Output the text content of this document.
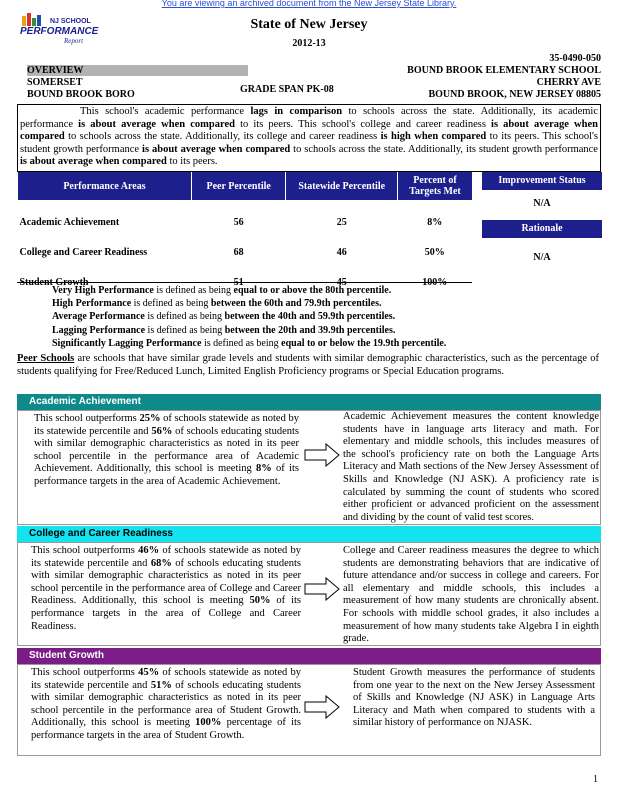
You are viewing an archived document from the New Jersey State Library.
NJ SCHOOL
PERFORMANCE
Report
State of New Jersey
2012-13
OVERVIEW
SOMERSET
BOUND BROOK BORO	GRADE SPAN PK-08
35-0490-050
BOUND BROOK ELEMENTARY SCHOOL
CHERRY AVE
BOUND BROOK, NEW JERSEY 08805
This school's academic performance lags in comparison to schools across the state. Additionally, its academic performance is about average when compared to its peers. This school's college and career readiness is about average when compared to schools across the state. Additionally, its college and career readiness is high when compared to its peers. This school's student growth performance is about average when compared to schools across the state. Additionally, its student growth performance is about average when compared to its peers.
Performance Areas	Peer Percentile	Statewide Percentile	Percent of Targets Met
Academic Achievement	56	25	8%
College and Career Readiness	68	46	50%
Student Growth	51	45	100%
Improvement Status
N/A
Rationale
N/A
Very High Performance is defined as being equal to or above the 80th percentile.
High Performance is defined as being between the 60th and 79.9th percentiles.
Average Performance is defined as being between the 40th and 59.9th percentiles.
Lagging Performance is defined as being between the 20th and 39.9th percentiles.
Significantly Lagging Performance is defined as being equal to or below the 19.9th percentile.
Peer Schools are schools that have similar grade levels and students with similar demographic characteristics, such as the percentage of students qualifying for Free/Reduced Lunch, Limited English Proficiency programs or Special Education programs.
Academic Achievement
This school outperforms 25% of schools statewide as noted by its statewide percentile and 56% of schools educating students with similar demographic characteristics as noted in its peer school percentile in the performance area of Academic Achievement. Additionally, this school is meeting 8% of its performance targets in the area of Academic Achievement.
Academic Achievement measures the content knowledge students have in language arts literacy and math. For elementary and middle schools, this includes measures of the school's proficiency rate on both the Language Arts Literacy and Math sections of the New Jersey Assessment of Skills and Knowledge (NJ ASK). A proficiency rate is calculated by summing the count of students who scored either proficient or advanced proficient on the assessment and dividing by the count of valid test scores.
College and Career Readiness
This school outperforms 46% of schools statewide as noted by its statewide percentile and 68% of schools educating students with similar demographic characteristics as noted in its peer school percentile in the performance area of College and Career Readiness. Additionally, this school is meeting 50% of its performance targets in the area of College and Career Readiness.
College and Career readiness measures the degree to which students are demonstrating behaviors that are indicative of future attendance and/or success in college and careers. For all elementary and middle schools, this includes a measurement of how many students are chronically absent. For schools with middle school grades, it also includes a measurement of how many students take Algebra I in eighth grade.
Student Growth
This school outperforms 45% of schools statewide as noted by its statewide percentile and 51% of schools educating students with similar demographic characteristics as noted in its peer school percentile in the performance area of Student Growth. Additionally, this school is meeting 100% percentage of its performance targets in the area of Student Growth.
Student Growth measures the performance of students from one year to the next on the New Jersey Assessment of Skills and Knowledge (NJ ASK) in Language Arts Literacy and Math when compared to students with a similar history of performance on NJASK.
1
